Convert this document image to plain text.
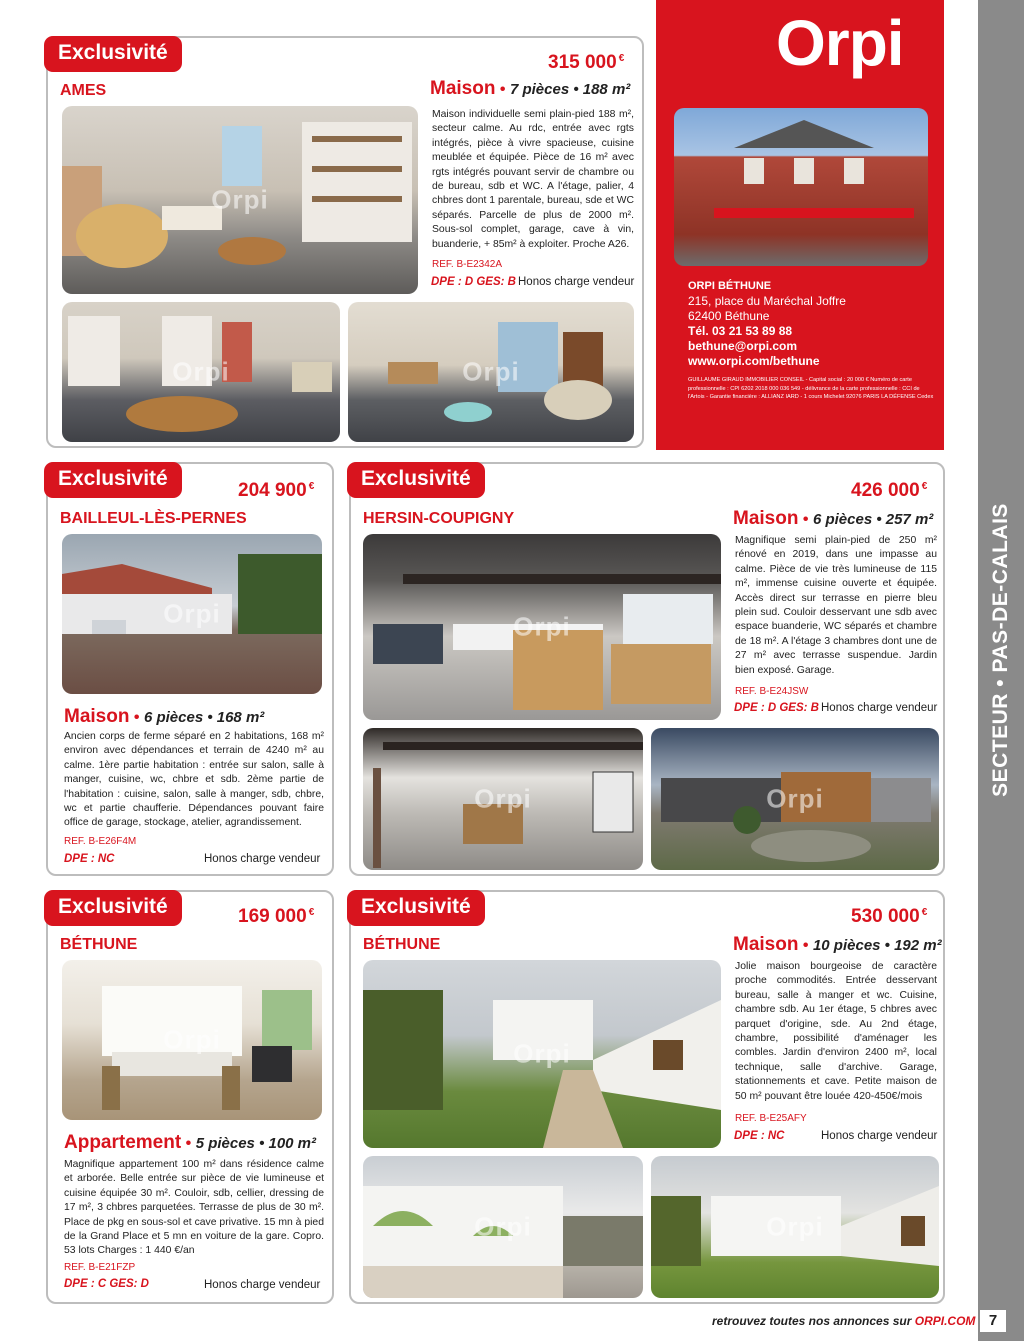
SECTEUR • PAS-DE-CALAIS
Orpi
ORPI BÉTHUNE
215, place du Maréchal Joffre
62400 Béthune
Tél. 03 21 53 89 88
bethune@orpi.com
www.orpi.com/bethune
GUILLAUME GIRAUD IMMOBILIER CONSEIL - Capital social : 20 000 € Numéro de carte professionnelle : CPI 6202 2018 000 036 549 - délivrance de la carte professionnelle : CCI de l'Artois - Garantie financière : ALLIANZ IARD - 1 cours Michelet 92076 PARIS LA DÉFENSE Cedex
Exclusivité	315 000 €
AMES
Orpi
Orpi	Orpi
Maison • 7 pièces • 188 m²
Maison individuelle semi plain-pied 188 m², secteur calme. Au rdc, entrée avec rgts intégrés, pièce à vivre spacieuse, cuisine meublée et équipée. Pièce de 16 m² avec rgts intégrés pouvant servir de chambre ou de bureau, sdb et WC. A l'étage, palier, 4 chbres dont 1 parentale, bureau, sde et WC séparés. Parcelle de plus de 2000 m². Sous-sol complet, garage, cave à vin, buanderie, + 85m² à exploiter. Proche A26.
REF. B-E2342A
DPE : D GES: B Honos charge vendeur
Exclusivité
204 900 €
BAILLEUL-LÈS-PERNES
Orpi
Maison • 6 pièces • 168 m²
Ancien corps de ferme séparé en 2 habitations, 168 m² environ avec dépendances et terrain de 4240 m² au calme. 1ère partie habitation : entrée sur salon, salle à manger, cuisine, wc, chbre et sdb. 2ème partie de l'habitation : cuisine, salon, salle à manger, sdb, chbre, wc et partie chaufferie. Dépendances pouvant faire office de garage, stockage, atelier, agrandissement.
REF. B-E26F4M
DPE : NC	Honos charge vendeur
Exclusivité
426 000 €
HERSIN-COUPIGNY
Orpi
Orpi	Orpi
Maison • 6 pièces • 257 m²
Magnifique semi plain-pied de 250 m² rénové en 2019, dans une impasse au calme. Pièce de vie très lumineuse de 115 m², immense cuisine ouverte et équipée. Accès direct sur terrasse en pierre bleu plein sud. Couloir desservant une sdb avec espace buanderie, WC séparés et chambre de 18 m². A l'étage 3 chambres dont une de 27 m² avec terrasse suspendue. Jardin bien exposé. Garage.
REF. B-E24JSW
DPE : D GES: B Honos charge vendeur
Exclusivité	169 000 €
BÉTHUNE
Orpi
Appartement • 5 pièces • 100 m²
Magnifique appartement 100 m² dans résidence calme et arborée. Belle entrée sur pièce de vie lumineuse et cuisine équipée 30 m². Couloir, sdb, cellier, dressing de 17 m², 3 chbres parquetées. Terrasse de plus de 30 m². Place de pkg en sous-sol et cave privative. 15 mn à pied de la Grand Place et 5 mn en voiture de la gare. Copro. 53 lots Charges : 1 440 €/an
REF. B-E21FZP
DPE : C GES: D	Honos charge vendeur
Exclusivité	530 000 €
BÉTHUNE
Orpi
Orpi	Orpi
Maison • 10 pièces • 192 m²
Jolie maison bourgeoise de caractère proche commodités. Entrée desservant bureau, salle à manger et wc. Cuisine, chambre sdb. Au 1er étage, 5 chbres avec parquet d'origine, sde. Au 2nd étage, chambre, possibilité d'aménager les combles. Jardin d'environ 2400 m², local technique, salle d'archive. Garage, stationnements et cave. Petite maison de 50 m² pouvant être louée 420-450€/mois
REF. B-E25AFY
DPE : NC	Honos charge vendeur
retrouvez toutes nos annonces sur ORPI.COM 7
